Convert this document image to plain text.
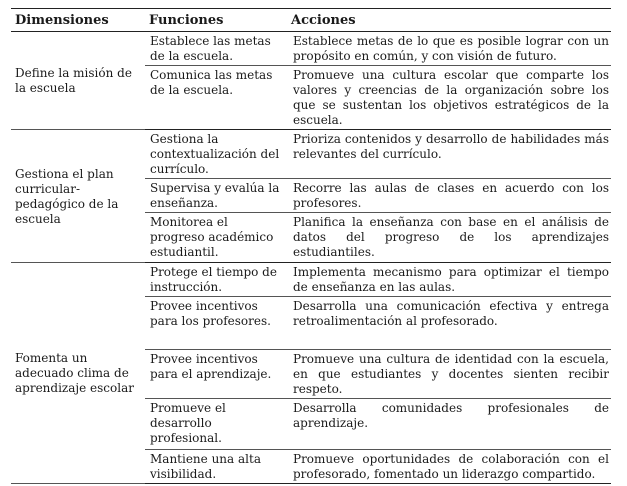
Dimensiones	Funciones	Acciones
Define la misión de la escuela	Establece las metas de la escuela.	Establece metas de lo que es posible lograr con un propósito en común, y con visión de futuro.
	Comunica las metas de la escuela.	Promueve una cultura escolar que comparte los valores y creencias de la organización sobre los que se sustentan los objetivos estratégicos de la escuela.
Gestiona el plan curricular-pedagógico de la escuela	Gestiona la contextualización del currículo.	Prioriza contenidos y desarrollo de habilidades más relevantes del currículo.
	Supervisa y evalúa la enseñanza.	Recorre las aulas de clases en acuerdo con los profesores.
	Monitorea el progreso académico estudiantil.	Planifica la enseñanza con base en el análisis de datos del progreso de los aprendizajes estudiantiles.
Fomenta un adecuado clima de aprendizaje escolar	Protege el tiempo de instrucción.	Implementa mecanismo para optimizar el tiempo de enseñanza en las aulas.
	Provee incentivos para los profesores.	Desarrolla una comunicación efectiva y entrega retroalimentación al profesorado.
	Provee incentivos para el aprendizaje.	Promueve una cultura de identidad con la escuela, en que estudiantes y docentes sienten recibir respeto.
	Promueve el desarrollo profesional.	Desarrolla comunidades profesionales de aprendizaje.
	Mantiene una alta visibilidad.	Promueve oportunidades de colaboración con el profesorado, fomentado un liderazgo compartido.
